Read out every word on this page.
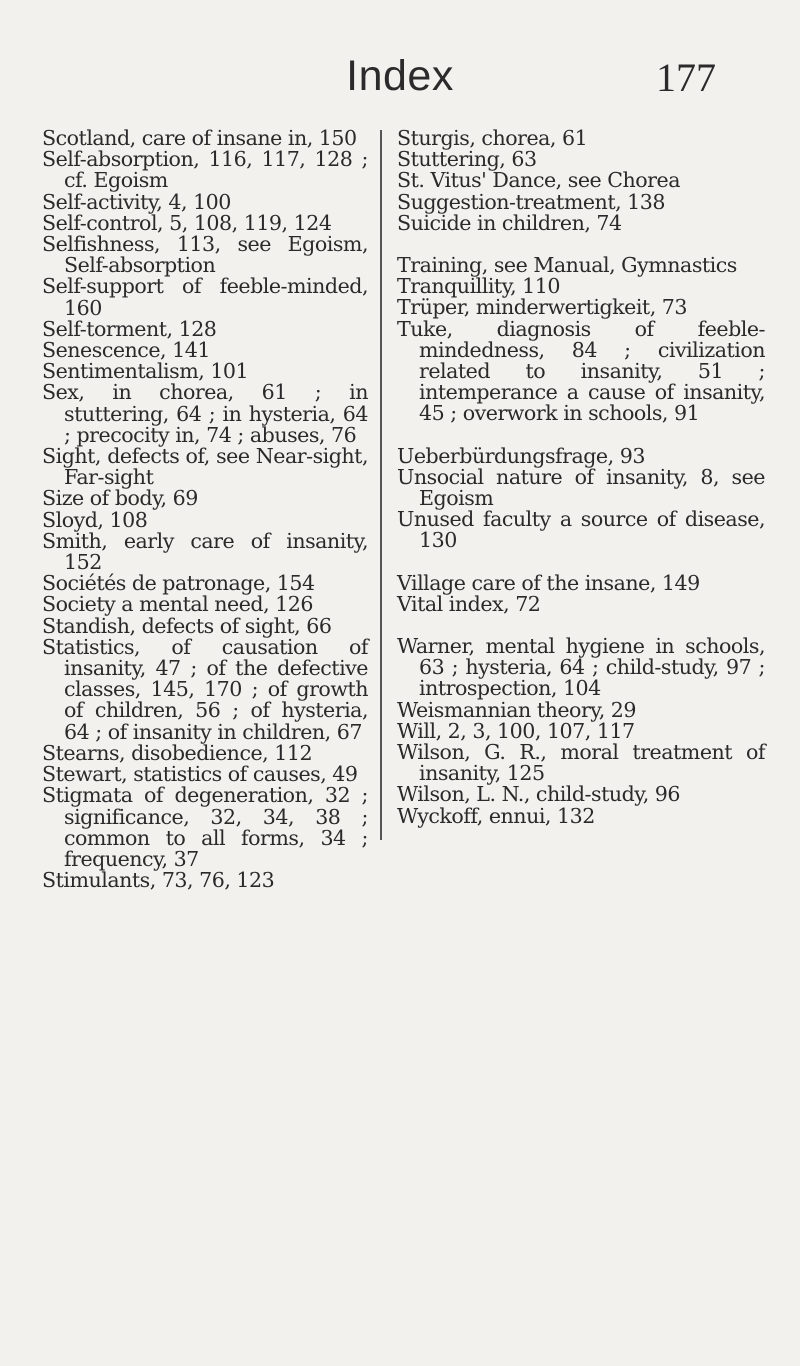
Index	177

Scotland, care of insane in, 150

Self-absorption, 116, 117, 128 ; cf. Egoism

Self-activity, 4, 100

Self-control, 5, 108, 119, 124

Selfishness, 113, see Egoism, Self-absorption

Self-support of feeble-minded, 160

Self-torment, 128

Senescence, 141

Sentimentalism, 101

Sex, in chorea, 61 ; in stuttering, 64 ; in hysteria, 64 ; precocity in, 74 ; abuses, 76

Sight, defects of, see Near-sight, Far-sight

Size of body, 69

Sloyd, 108

Smith, early care of insanity, 152

Sociétés de patronage, 154

Society a mental need, 126

Standish, defects of sight, 66

Statistics, of causation of insanity, 47 ; of the defective classes, 145, 170 ; of growth of children, 56 ; of hysteria, 64 ; of insanity in children, 67

Stearns, disobedience, 112

Stewart, statistics of causes, 49

Stigmata of degeneration, 32 ; significance, 32, 34, 38 ; common to all forms, 34 ; frequency, 37

Stimulants, 73, 76, 123

Sturgis, chorea, 61

Stuttering, 63

St. Vitus' Dance, see Chorea

Suggestion-treatment, 138

Suicide in children, 74

Training, see Manual, Gymnastics

Tranquillity, 110

Trüper, minderwertigkeit, 73

Tuke, diagnosis of feeble-mindedness, 84 ; civilization related to insanity, 51 ; intemperance a cause of insanity, 45 ; overwork in schools, 91

Ueberbürdungsfrage, 93

Unsocial nature of insanity, 8, see Egoism

Unused faculty a source of disease, 130

Village care of the insane, 149

Vital index, 72

Warner, mental hygiene in schools, 63 ; hysteria, 64 ; child-study, 97 ; introspection, 104

Weismannian theory, 29

Will, 2, 3, 100, 107, 117

Wilson, G. R., moral treatment of insanity, 125

Wilson, L. N., child-study, 96

Wyckoff, ennui, 132
